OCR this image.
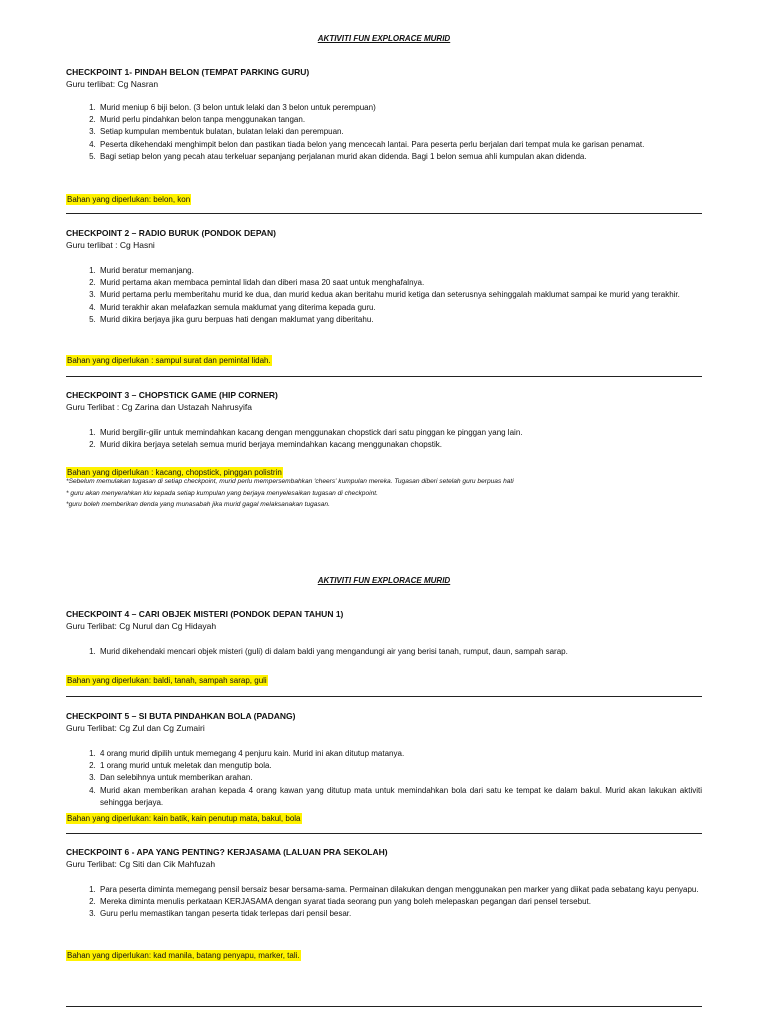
AKTIVITI FUN EXPLORACE MURID

CHECKPOINT 1- PINDAH BELON (TEMPAT PARKING GURU)

Guru terlibat: Cg Nasran

1. Murid meniup 6 biji belon. (3 belon untuk lelaki dan 3 belon untuk perempuan)
2. Murid perlu pindahkan belon tanpa menggunakan tangan.
3. Setiap kumpulan membentuk bulatan, bulatan lelaki dan perempuan.
4. Peserta dikehendaki menghimpit belon dan pastikan tiada belon yang mencecah lantai. Para peserta perlu berjalan dari tempat mula ke garisan penamat.
5. Bagi setiap belon yang pecah atau terkeluar sepanjang perjalanan murid akan didenda. Bagi 1 belon semua ahli kumpulan akan didenda.
Bahan yang diperlukan: belon, kon

CHECKPOINT 2 – RADIO BURUK (PONDOK DEPAN)

Guru terlibat : Cg Hasni

1. Murid beratur memanjang.
2. Murid pertama akan membaca pemintal lidah dan diberi masa 20 saat untuk menghafalnya.
3. Murid pertama perlu memberitahu murid ke dua, dan murid kedua akan beritahu murid ketiga dan seterusnya sehinggalah maklumat sampai ke murid yang terakhir.
4. Murid terakhir akan melafazkan semula maklumat yang diterima kepada guru.
5. Murid dikira berjaya jika guru berpuas hati dengan maklumat yang diberitahu.
Bahan yang diperlukan : sampul surat dan pemintal lidah.

CHECKPOINT 3 – CHOPSTICK GAME (HIP CORNER)

Guru Terlibat : Cg Zarina dan Ustazah Nahrusyifa

1. Murid bergilir-gilir untuk memindahkan kacang dengan menggunakan chopstick dari satu pinggan ke pinggan yang lain.
2. Murid dikira berjaya setelah semua murid berjaya memindahkan kacang menggunakan chopstik.
Bahan yang diperlukan : kacang, chopstick, pinggan polistrin

*Sebelum memulakan tugasan di setiap checkpoint, murid perlu mempersembahkan 'cheers' kumpulan mereka. Tugasan diberi setelah guru berpuas hati

* guru akan menyerahkan klu kepada setiap kumpulan yang berjaya menyelesaikan tugasan di checkpoint.

*guru boleh memberikan denda yang munasabah jika murid gagal melaksanakan tugasan.

AKTIVITI FUN EXPLORACE MURID

CHECKPOINT 4 – CARI OBJEK MISTERI (PONDOK DEPAN TAHUN 1)

Guru Terlibat: Cg Nurul dan Cg Hidayah

1. Murid dikehendaki mencari objek misteri (guli) di dalam baldi yang mengandungi air yang berisi tanah, rumput, daun, sampah sarap.
Bahan yang diperlukan: baldi, tanah, sampah sarap, guli

CHECKPOINT 5 – SI BUTA PINDAHKAN BOLA (PADANG)

Guru Terlibat: Cg Zul dan Cg Zumairi

1. 4 orang murid dipilih untuk memegang 4 penjuru kain. Murid ini akan ditutup matanya.
2. 1 orang murid untuk meletak dan mengutip bola.
3. Dan selebihnya untuk memberikan arahan.
4. Murid akan memberikan arahan kepada 4 orang kawan yang ditutup mata untuk memindahkan bola dari satu ke tempat ke dalam bakul. Murid akan lakukan aktiviti sehingga berjaya.
Bahan yang diperlukan: kain batik, kain penutup mata, bakul, bola

CHECKPOINT 6 - APA YANG PENTING? KERJASAMA (LALUAN PRA SEKOLAH)

Guru Terlibat: Cg Siti dan Cik Mahfuzah

1. Para peserta diminta memegang pensil bersaiz besar bersama-sama. Permainan dilakukan dengan menggunakan pen marker yang diikat pada sebatang kayu penyapu.
2. Mereka diminta menulis perkataan KERJASAMA dengan syarat tiada seorang pun yang boleh melepaskan pegangan dari pensel tersebut.
3. Guru perlu memastikan tangan peserta tidak terlepas dari pensil besar.
Bahan yang diperlukan: kad manila, batang penyapu, marker, tali.
